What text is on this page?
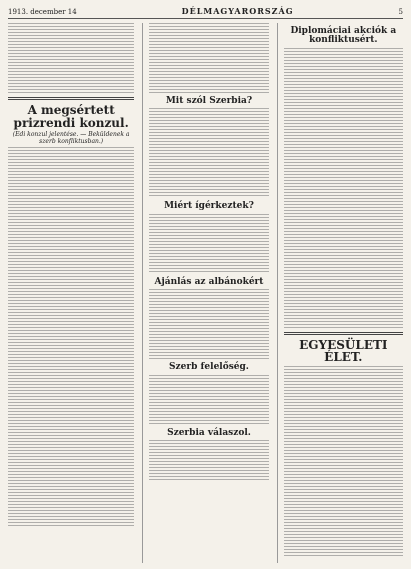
1913. december 14	DÉLMAGYARORSZÁG	5
A megsértett prizrendi konzul.
(Edi konzul jelentése. — Beküldenek a szerb konfliktusban.)
Mit szól Szerbia?
Miért ígérkeztek?
Ajánlás az albánokért
Szerb felelőség.
Szerbia válaszol.
Diplomáciai akciók a konfliktusért.
EGYESÜLETI ÉLET.
